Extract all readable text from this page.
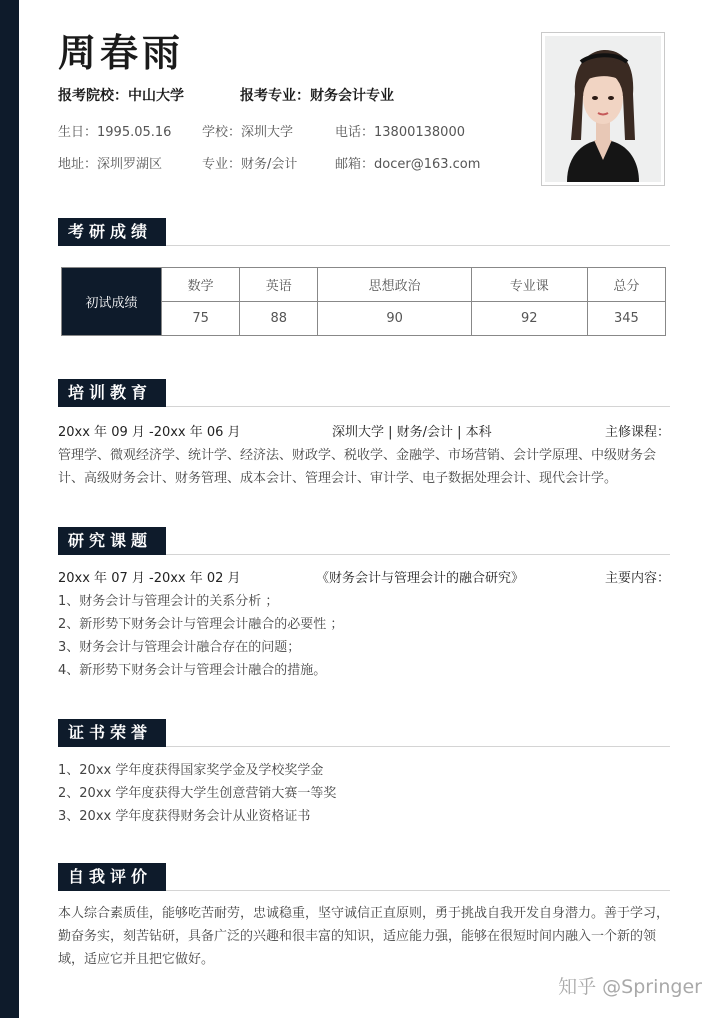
周春雨
报考院校：中山大学	报考专业：财务会计专业
生日：1995.05.16 学校：深圳大学	电话：13800138000
地址：深圳罗湖区	专业：财务/会计	邮箱：docer@163.com
考研成绩
初试成绩	数学	英语	思想政治	专业课	总分
	75	88	90	92	345
培训教育
20xx 年 09 月 -20xx 年 06 月	深圳大学 | 财务/会计 | 本科	主修课程：
管理学、微观经济学、统计学、经济法、财政学、税收学、金融学、市场营销、会计学原理、中级财务会
计、高级财务会计、财务管理、成本会计、管理会计、审计学、电子数据处理会计、现代会计学。
研究课题
20xx 年 07 月 -20xx 年 02 月	《财务会计与管理会计的融合研究》	主要内容：
1、财务会计与管理会计的关系分析 ；
2、新形势下财务会计与管理会计融合的必要性 ；
3、财务会计与管理会计融合存在的问题；
4、新形势下财务会计与管理会计融合的措施。
证书荣誉
1、20xx 学年度获得国家奖学金及学校奖学金
2、20xx 学年度获得大学生创意营销大赛一等奖
3、20xx 学年度获得财务会计从业资格证书
自我评价
本人综合素质佳，能够吃苦耐劳，忠诚稳重，坚守诚信正直原则，勇于挑战自我开发自身潜力。善于学习，
勤奋务实，刻苦钻研，具备广泛的兴趣和很丰富的知识，适应能力强，能够在很短时间内融入一个新的领
域，适应它并且把它做好。
知乎 @Springer
